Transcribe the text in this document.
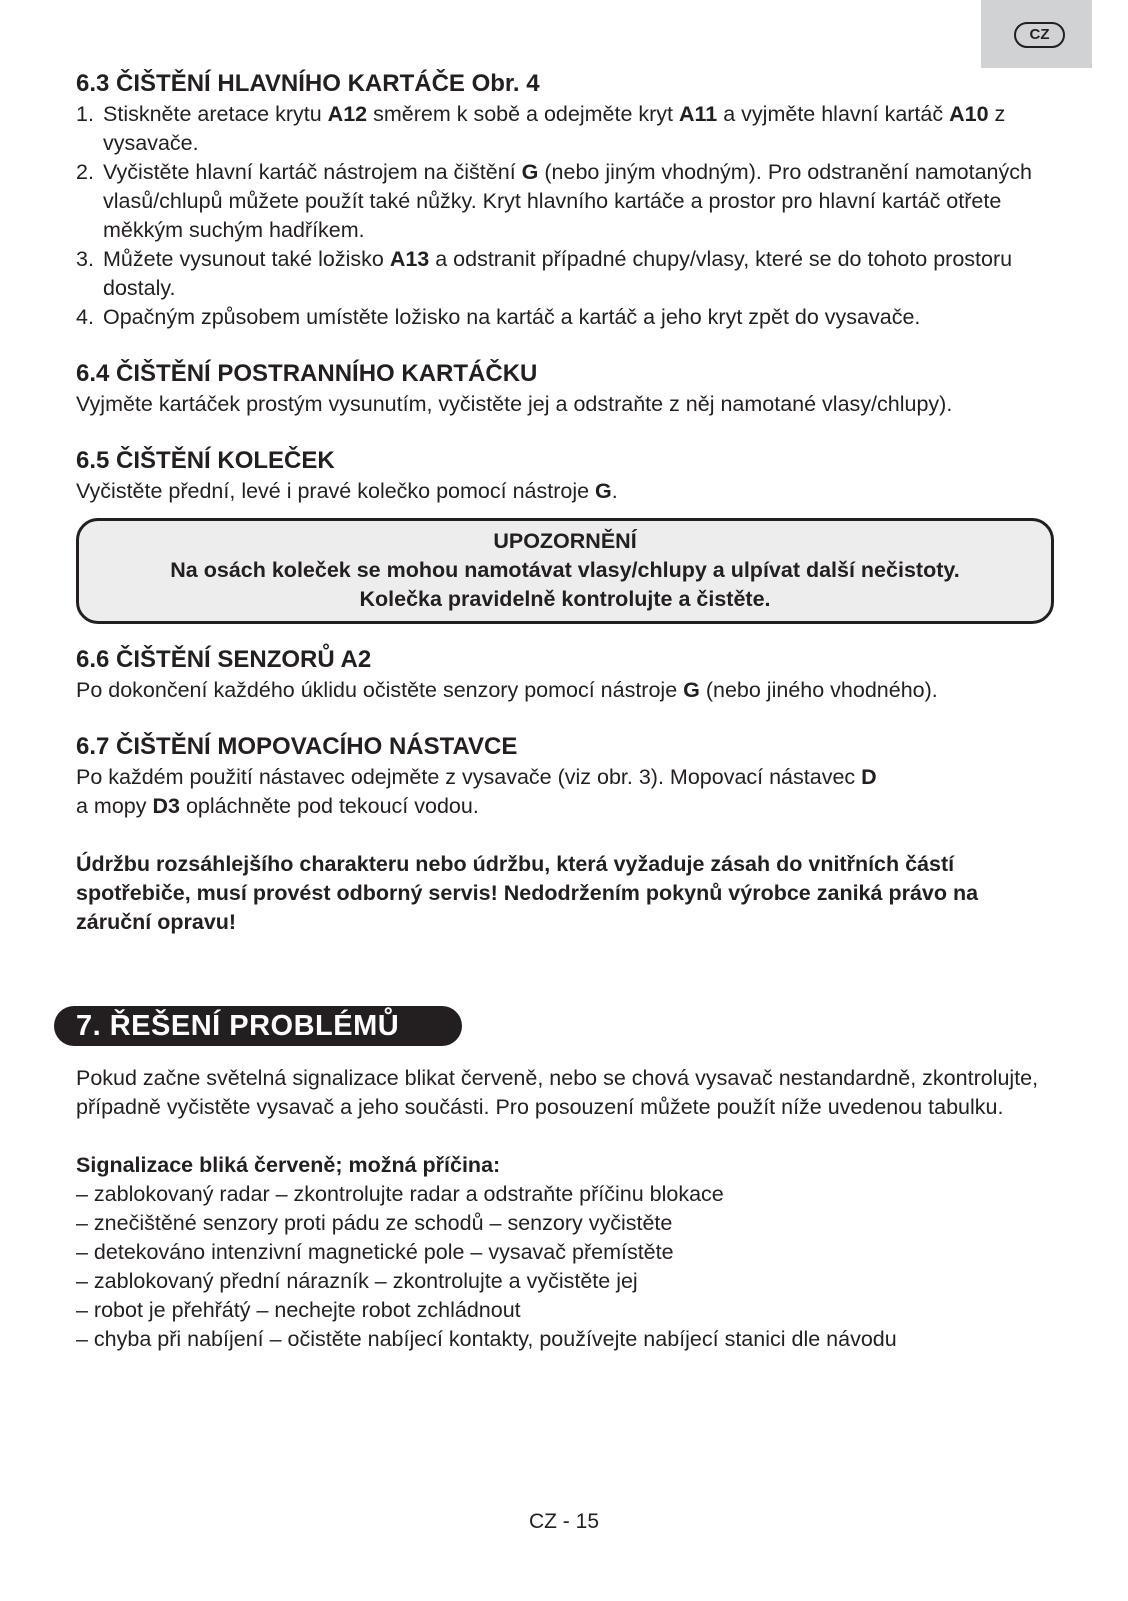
CZ
6.3 ČIŠTĚNÍ HLAVNÍHO KARTÁČE Obr. 4
1. Stiskněte aretace krytu A12 směrem k sobě a odejměte kryt A11 a vyjměte hlavní kartáč A10 z vysavače.
2. Vyčistěte hlavní kartáč nástrojem na čištění G (nebo jiným vhodným). Pro odstranění namotaných vlasů/chlupů můžete použít také nůžky. Kryt hlavního kartáče a prostor pro hlavní kartáč otřete měkkým suchým hadříkem.
3. Můžete vysunout také ložisko A13 a odstranit případné chupy/vlasy, které se do tohoto prostoru dostaly.
4. Opačným způsobem umístěte ložisko na kartáč a kartáč a jeho kryt zpět do vysavače.
6.4 ČIŠTĚNÍ POSTRANNÍHO KARTÁČKU

Vyjměte kartáček prostým vysunutím, vyčistěte jej a odstraňte z něj namotané vlasy/chlupy).

6.5 ČIŠTĚNÍ KOLEČEK

Vyčistěte přední, levé i pravé kolečko pomocí nástroje G.

UPOZORNĚNÍ
Na osách koleček se mohou namotávat vlasy/chlupy a ulpívat další nečistoty.
Kolečka pravidelně kontrolujte a čistěte.
6.6 ČIŠTĚNÍ SENZORŮ A2

Po dokončení každého úklidu očistěte senzory pomocí nástroje G (nebo jiného vhodného).

6.7 ČIŠTĚNÍ MOPOVACÍHO NÁSTAVCE

Po každém použití nástavec odejměte z vysavače (viz obr. 3). Mopovací nástavec D
a mopy D3 opláchněte pod tekoucí vodou.

Údržbu rozsáhlejšího charakteru nebo údržbu, která vyžaduje zásah do vnitřních částí spotřebiče, musí provést odborný servis! Nedodržením pokynů výrobce zaniká právo na záruční opravu!

7. ŘEŠENÍ PROBLÉMŮ

Pokud začne světelná signalizace blikat červeně, nebo se chová vysavač nestandardně, zkontrolujte, případně vyčistěte vysavač a jeho součásti. Pro posouzení můžete použít níže uvedenou tabulku.

Signalizace bliká červeně; možná příčina:

– zablokovaný radar – zkontrolujte radar a odstraňte příčinu blokace
– znečištěné senzory proti pádu ze schodů – senzory vyčistěte
– detekováno intenzivní magnetické pole – vysavač přemístěte
– zablokovaný přední nárazník – zkontrolujte a vyčistěte jej
– robot je přehřátý – nechejte robot zchládnout
– chyba při nabíjení – očistěte nabíjecí kontakty, používejte nabíjecí stanici dle návodu
CZ - 15
